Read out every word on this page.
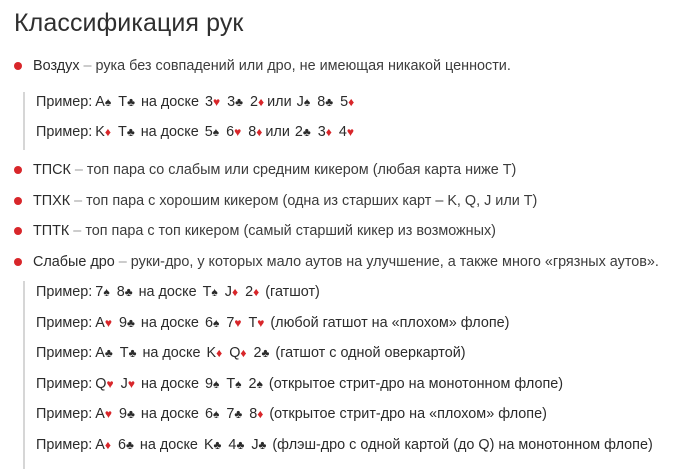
Классификация рук
Воздух – рука без совпадений или дро, не имеющая никакой ценности.
Пример: A♠ T♣ на доске 3♥ 3♣ 2♦ или J♠ 8♣ 5♦
Пример: K♦ T♣ на доске 5♠ 6♥ 8♦ или 2♣ 3♦ 4♥
ТПСК – топ пара со слабым или средним кикером (любая карта ниже Т)
ТПХК – топ пара с хорошим кикером (одна из старших карт – K, Q, J или T)
ТПТК – топ пара с топ кикером (самый старший кикер из возможных)
Слабые дро – руки-дро, у которых мало аутов на улучшение, а также много «грязных аутов».
Пример: 7♠ 8♣ на доске T♠ J♦ 2♦ (гатшот)
Пример: A♥ 9♣ на доске 6♠ 7♥ T♥ (любой гатшот на «плохом» флопе)
Пример: A♣ T♣ на доске K♦ Q♦ 2♣ (гатшот с одной оверкартой)
Пример: Q♥ J♥ на доске 9♠ T♠ 2♠ (открытое стрит-дро на монотонном флопе)
Пример: A♥ 9♣ на доске 6♠ 7♣ 8♦ (открытое стрит-дро на «плохом» флопе)
Пример: A♦ 6♣ на доске K♣ 4♣ J♣ (флэш-дро с одной картой (до Q) на монотонном флопе)
